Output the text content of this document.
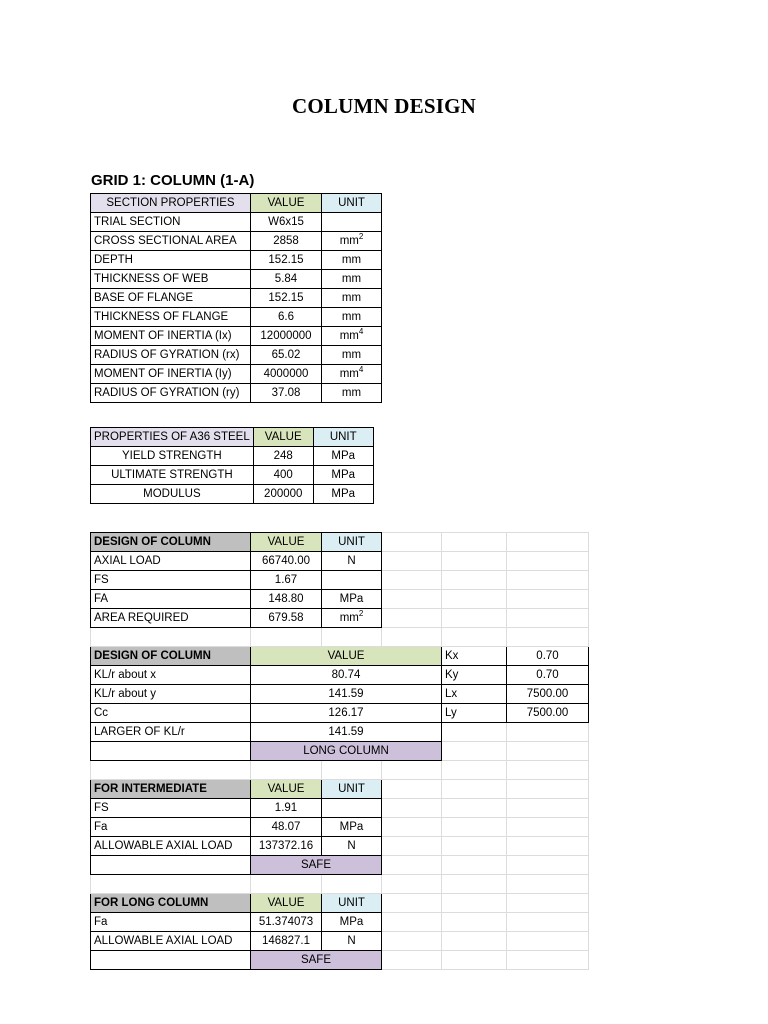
COLUMN DESIGN
GRID 1: COLUMN (1-A)
SECTION PROPERTIES	VALUE	UNIT
TRIAL SECTION	W6x15	
CROSS SECTIONAL AREA	2858	$mm^2$
DEPTH	152.15	mm
THICKNESS OF WEB	5.84	mm
BASE OF FLANGE	152.15	mm
THICKNESS OF FLANGE	6.6	mm
MOMENT OF INERTIA (Ix)	12000000	$mm^4$
RADIUS OF GYRATION (rx)	65.02	mm
MOMENT OF INERTIA (Iy)	4000000	$mm^4$
RADIUS OF GYRATION (ry)	37.08	mm
PROPERTIES OF A36 STEEL	VALUE	UNIT
YIELD STRENGTH	248	MPa
ULTIMATE STRENGTH	400	MPa
MODULUS	200000	MPa
DESIGN OF COLUMN	VALUE	UNIT			
AXIAL LOAD	66740.00	N			
FS	1.67				
FA	148.80	MPa			
AREA REQUIRED	679.58	$mm^2$			

DESIGN OF COLUMN	VALUE			Kx	0.70
KL/r about x	80.74			Ky	0.70
KL/r about y	141.59			Lx	7500.00
Cc	126.17			Ly	7500.00
LARGER OF KL/r	141.59				
	LONG COLUMN				

FOR INTERMEDIATE	VALUE	UNIT			
FS	1.91				
Fa	48.07	MPa			
ALLOWABLE AXIAL LOAD	137372.16	N			
	SAFE				

FOR LONG COLUMN	VALUE	UNIT			
Fa	51.374073	MPa			
ALLOWABLE AXIAL LOAD	146827.1	N			
	SAFE				
